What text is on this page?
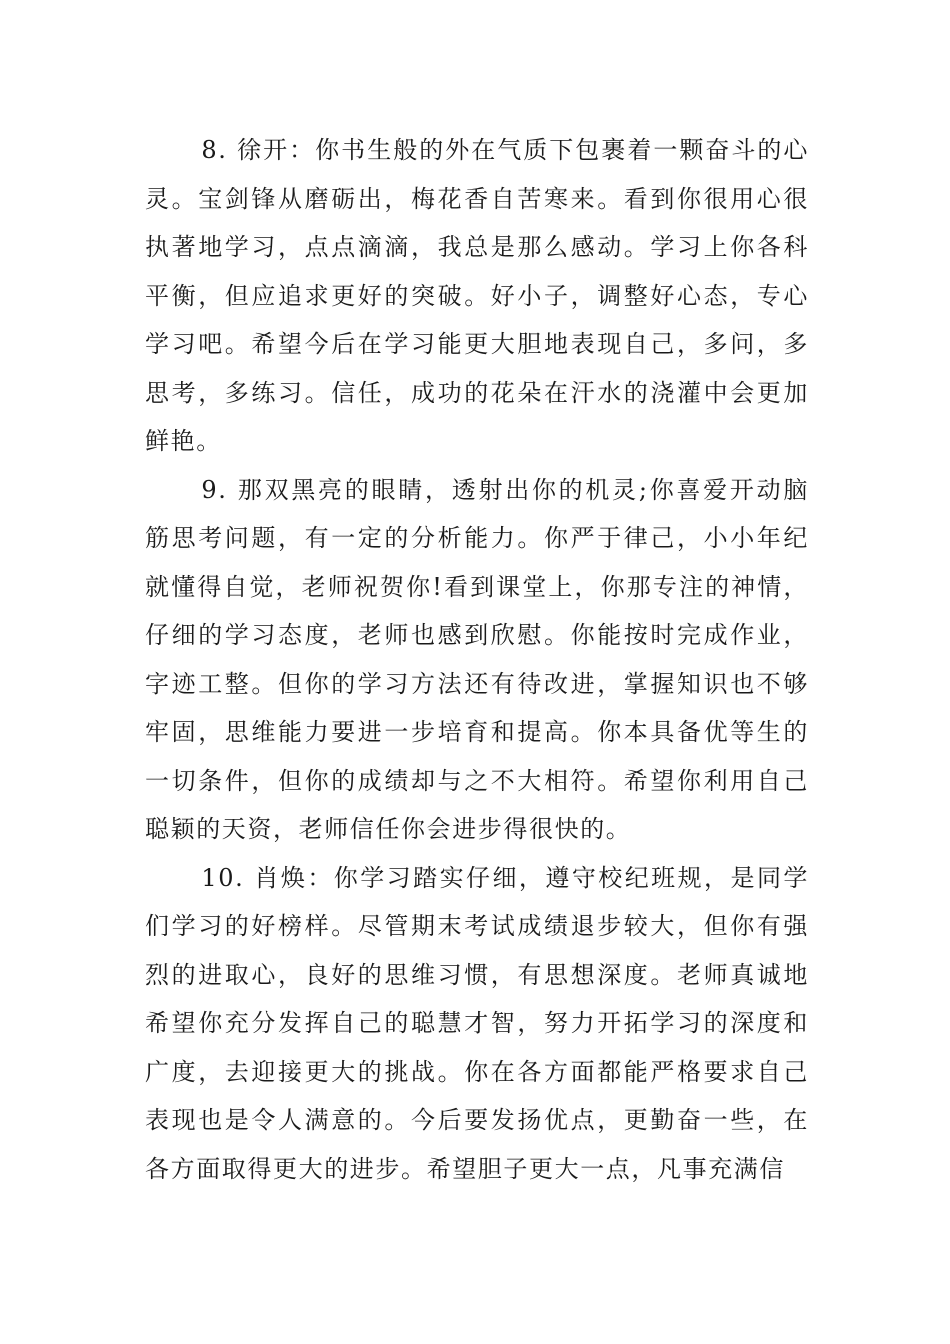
8. 徐开：你书生般的外在气质下包裹着一颗奋斗的心灵。宝剑锋从磨砺出，梅花香自苦寒来。看到你很用心很执著地学习，点点滴滴，我总是那么感动。学习上你各科平衡，但应追求更好的突破。好小子，调整好心态，专心学习吧。希望今后在学习能更大胆地表现自己，多问，多思考，多练习。信任，成功的花朵在汗水的浇灌中会更加鲜艳。

9. 那双黑亮的眼睛，透射出你的机灵;你喜爱开动脑筋思考问题，有一定的分析能力。你严于律己，小小年纪就懂得自觉，老师祝贺你!看到课堂上，你那专注的神情，仔细的学习态度，老师也感到欣慰。你能按时完成作业，字迹工整。但你的学习方法还有待改进，掌握知识也不够牢固，思维能力要进一步培育和提高。你本具备优等生的一切条件，但你的成绩却与之不大相符。希望你利用自己聪颖的天资，老师信任你会进步得很快的。

10. 肖焕：你学习踏实仔细，遵守校纪班规，是同学们学习的好榜样。尽管期末考试成绩退步较大，但你有强烈的进取心，良好的思维习惯，有思想深度。老师真诚地希望你充分发挥自己的聪慧才智，努力开拓学习的深度和广度，去迎接更大的挑战。你在各方面都能严格要求自己表现也是令人满意的。今后要发扬优点，更勤奋一些，在各方面取得更大的进步。希望胆子更大一点，凡事充满信
